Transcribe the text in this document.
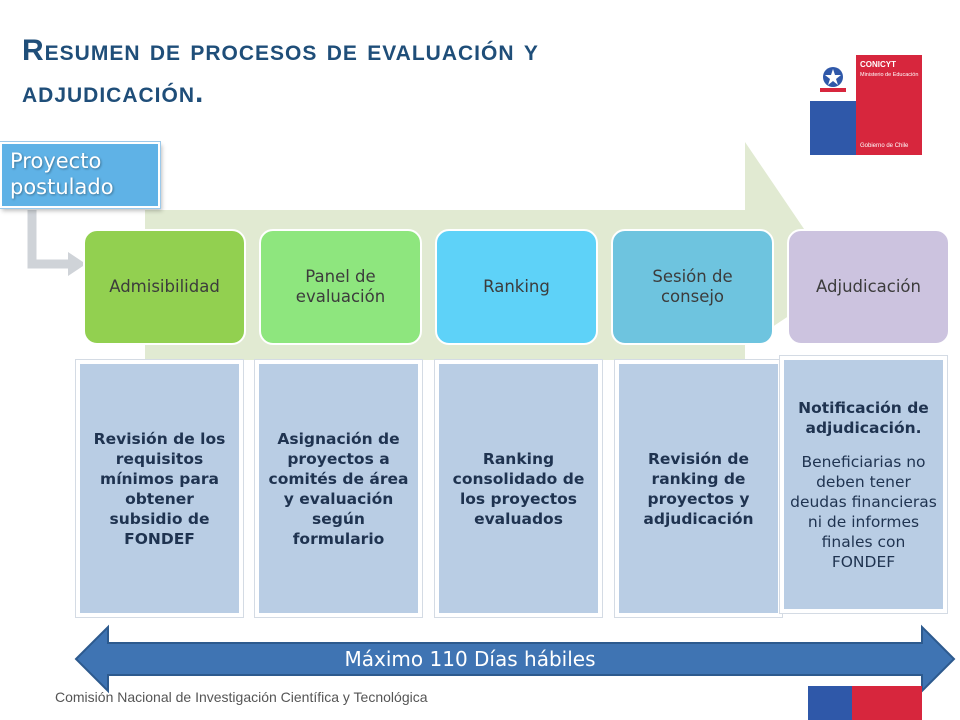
Resumen de procesos de evaluación y adjudicación.
CONICYT
Ministerio de Educación
Gobierno de Chile
Proyecto postulado
Admisibilidad
Panel de evaluación
Ranking
Sesión de consejo
Adjudicación
Revisión de los requisitos mínimos para obtener subsidio de FONDEF
Asignación de proyectos a comités de área y evaluación según formulario
Ranking consolidado de los proyectos evaluados
Revisión de ranking de proyectos y adjudicación
Notificación de adjudicación.
Beneficiarias no deben tener deudas financieras ni de informes finales con FONDEF
Máximo 110 Días hábiles
Comisión Nacional de Investigación Científica y Tecnológica
